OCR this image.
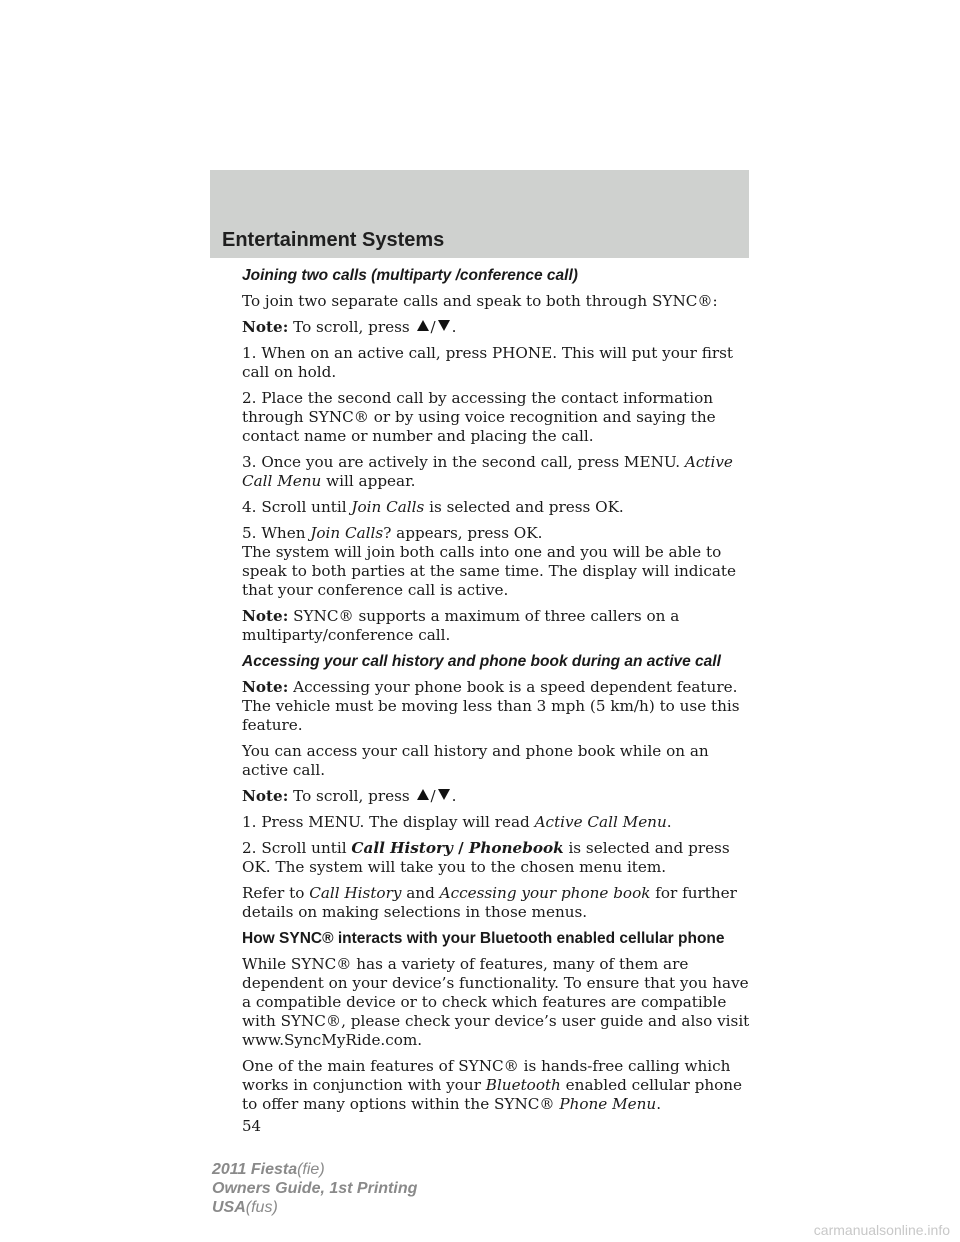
Entertainment Systems
Joining two calls (multiparty /conference call)

To join two separate calls and speak to both through SYNC®:

Note: To scroll, press / .

1. When on an active call, press PHONE. This will put your first call on hold.

2. Place the second call by accessing the contact information through SYNC® or by using voice recognition and saying the contact name or number and placing the call.

3. Once you are actively in the second call, press MENU. Active Call Menu will appear.

4. Scroll until Join Calls is selected and press OK.

5. When Join Calls? appears, press OK.

The system will join both calls into one and you will be able to speak to both parties at the same time. The display will indicate that your conference call is active.

Note: SYNC® supports a maximum of three callers on a multiparty/conference call.

Accessing your call history and phone book during an active call

Note: Accessing your phone book is a speed dependent feature. The vehicle must be moving less than 3 mph (5 km/h) to use this feature.

You can access your call history and phone book while on an active call.

Note: To scroll, press / .

1. Press MENU. The display will read Active Call Menu.

2. Scroll until Call History / Phonebook is selected and press OK. The system will take you to the chosen menu item.

Refer to Call History and Accessing your phone book for further details on making selections in those menus.

How SYNC® interacts with your Bluetooth enabled cellular phone

While SYNC® has a variety of features, many of them are dependent on your device’s functionality. To ensure that you have a compatible device or to check which features are compatible with SYNC®, please check your device’s user guide and also visit www.SyncMyRide.com.

One of the main features of SYNC® is hands-free calling which works in conjunction with your Bluetooth enabled cellular phone to offer many options within the SYNC® Phone Menu.

54
2011 Fiesta(fie)
Owners Guide, 1st Printing
USA(fus)
carmanualsonline.info
